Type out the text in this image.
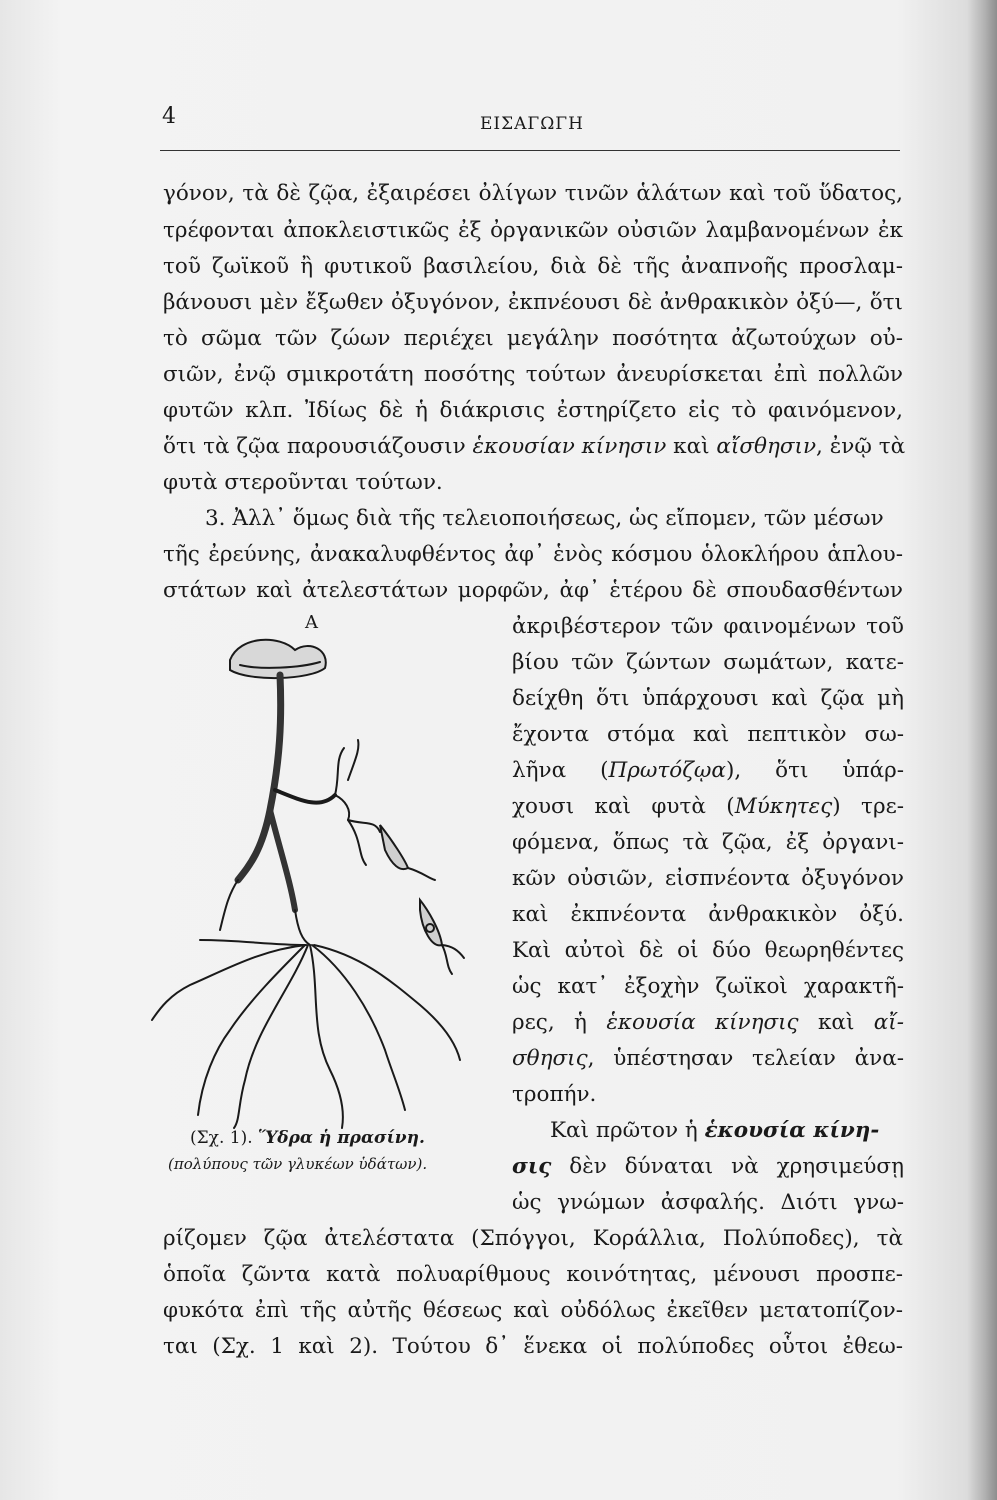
4	ΕΙΣΑΓΩΓΗ
γόνον, τὰ δὲ ζῷα, ἐξαιρέσει ὀλίγων τινῶν ἁλάτων καὶ τοῦ ὕδατος,
τρέφονται ἀποκλειστικῶς ἐξ ὀργανικῶν οὐσιῶν λαμβανομένων ἐκ
τοῦ ζωϊκοῦ ἢ φυτικοῦ βασιλείου, διὰ δὲ τῆς ἀναπνοῆς προσλαμ-
βάνουσι μὲν ἔξωθεν ὀξυγόνον, ἐκπνέουσι δὲ ἀνθρακικὸν ὀξύ—, ὅτι
τὸ σῶμα τῶν ζώων περιέχει μεγάλην ποσότητα ἀζωτούχων οὐ-
σιῶν, ἐνῷ σμικροτάτη ποσότης τούτων ἀνευρίσκεται ἐπὶ πολλῶν
φυτῶν κλπ. Ἰδίως δὲ ἡ διάκρισις ἐστηρίζετο εἰς τὸ φαινόμενον,
ὅτι τὰ ζῷα παρουσιάζουσιν ἑκουσίαν κίνησιν καὶ αἴσθησιν, ἐνῷ τὰ
φυτὰ στεροῦνται τούτων.
3. Ἀλλ᾽ ὅμως διὰ τῆς τελειοποιήσεως, ὡς εἴπομεν, τῶν μέσων
τῆς ἐρεύνης, ἀνακαλυφθέντος ἀφ᾽ ἑνὸς κόσμου ὁλοκλήρου ἁπλου-
στάτων καὶ ἀτελεστάτων μορφῶν, ἀφ᾽ ἑτέρου δὲ σπουδασθέντων
ἀκριβέστερον τῶν φαινομένων τοῦ
βίου τῶν ζώντων σωμάτων, κατε-
δείχθη ὅτι ὑπάρχουσι καὶ ζῷα μὴ
ἔχοντα στόμα καὶ πεπτικὸν σω-
λῆνα (Πρωτόζῳα), ὅτι ὑπάρ-
χουσι καὶ φυτὰ (Μύκητες) τρε-
φόμενα, ὅπως τὰ ζῷα, ἐξ ὀργανι-
κῶν οὐσιῶν, εἰσπνέοντα ὀξυγόνον
καὶ ἐκπνέοντα ἀνθρακικὸν ὀξύ.
Καὶ αὐτοὶ δὲ οἱ δύο θεωρηθέντες
ὡς κατ᾽ ἐξοχὴν ζωϊκοὶ χαρακτῆ-
ρες, ἡ ἑκουσία κίνησις καὶ αἴ-
σθησις, ὑπέστησαν τελείαν ἀνα-
τροπήν.
Καὶ πρῶτον ἡ ἑκουσία κίνη-
σις δὲν δύναται νὰ χρησιμεύσῃ
ὡς γνώμων ἀσφαλής. Διότι γνω-
ρίζομεν ζῷα ἀτελέστατα (Σπόγγοι, Κοράλλια, Πολύποδες), τὰ
ὁποῖα ζῶντα κατὰ πολυαρίθμους κοινότητας, μένουσι προσπε-
φυκότα ἐπὶ τῆς αὐτῆς θέσεως καὶ οὐδόλως ἐκεῖθεν μετατοπίζον-
ται (Σχ. 1 καὶ 2). Τούτου δ᾽ ἕνεκα οἱ πολύποδες οὗτοι ἐθεω-
Α
(Σχ. 1). Ὕδρα ἡ πρασίνη.
(πολύπους τῶν γλυκέων ὑδάτων).
